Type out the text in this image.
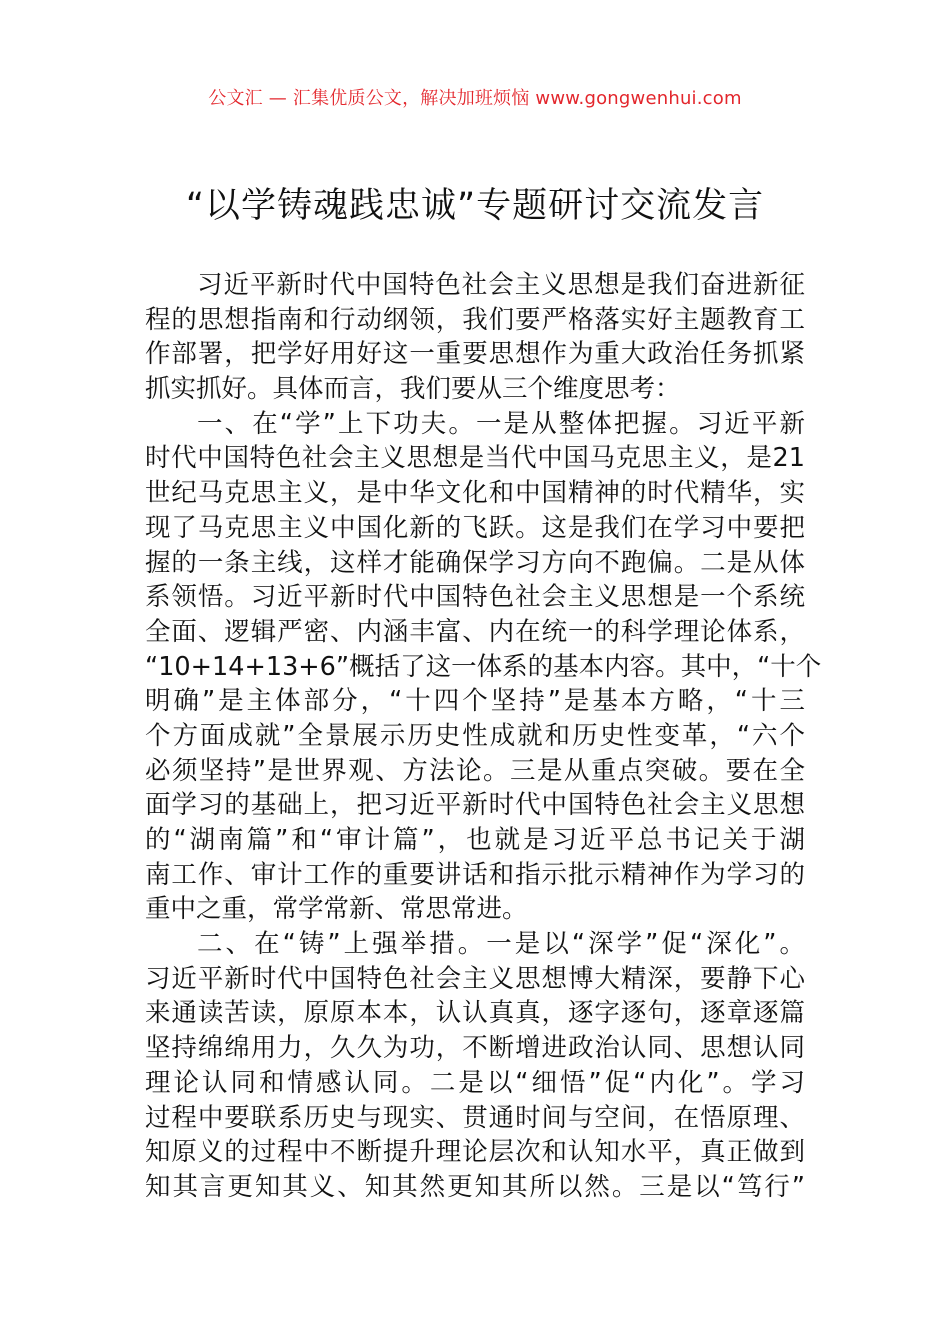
公文汇 — 汇集优质公文，解决加班烦恼 www.gongwenhui.com
“以学铸魂践忠诚”专题研讨交流发言
习近平新时代中国特色社会主义思想是我们奋进新征
程的思想指南和行动纲领，我们要严格落实好主题教育工
作部署，把学好用好这一重要思想作为重大政治任务抓紧
抓实抓好。具体而言，我们要从三个维度思考：
一、在“学”上下功夫。一是从整体把握。习近平新
时代中国特色社会主义思想是当代中国马克思主义，是21
世纪马克思主义，是中华文化和中国精神的时代精华，实
现了马克思主义中国化新的飞跃。这是我们在学习中要把
握的一条主线，这样才能确保学习方向不跑偏。二是从体
系领悟。习近平新时代中国特色社会主义思想是一个系统
全面、逻辑严密、内涵丰富、内在统一的科学理论体系，
“10+14+13+6”概括了这一体系的基本内容。其中，“十个
明确”是主体部分，“十四个坚持”是基本方略，“十三
个方面成就”全景展示历史性成就和历史性变革，“六个
必须坚持”是世界观、方法论。三是从重点突破。要在全
面学习的基础上，把习近平新时代中国特色社会主义思想
的“湖南篇”和“审计篇”，也就是习近平总书记关于湖
南工作、审计工作的重要讲话和指示批示精神作为学习的
重中之重，常学常新、常思常进。
二、在“铸”上强举措。一是以“深学”促“深化”。
习近平新时代中国特色社会主义思想博大精深，要静下心
来通读苦读，原原本本，认认真真，逐字逐句，逐章逐篇
坚持绵绵用力，久久为功，不断增进政治认同、思想认同
理论认同和情感认同。二是以“细悟”促“内化”。学习
过程中要联系历史与现实、贯通时间与空间，在悟原理、
知原义的过程中不断提升理论层次和认知水平，真正做到
知其言更知其义、知其然更知其所以然。三是以“笃行”
